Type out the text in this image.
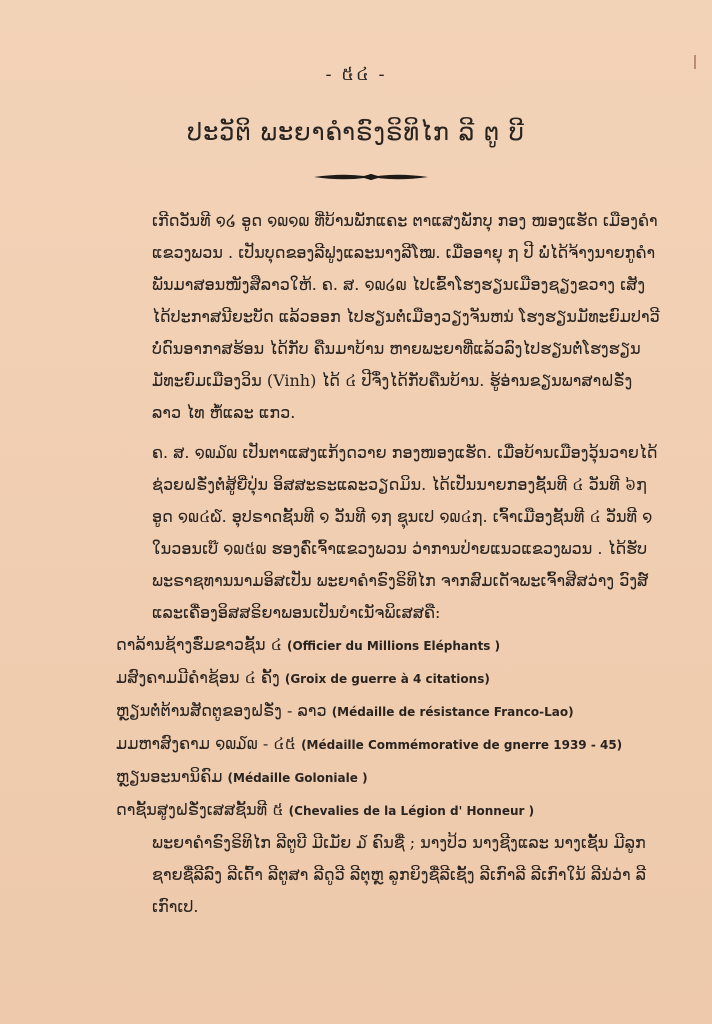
- ៥៤ -
ປະວັຕິ ພະຍາຄຳຣົງຣິທິໄກ ລີ ຕູ ບີ

ເກີດວັນທີ ໑໒ ອູດ ໑໙໑໙ ທີ່ບ້ານພັກແຄະ ຕາແສງພັກບຸ ກອງ ໜອງແຮັດ ເມືອງຄຳ ແຂວງພວນ . ເປັນບຸດຂອງລີຟູງແລະນາງລີໂໝ. ເມື່ອອາຍຸ ໗ ປີ ພໍ່ໄດ້ຈ້າງນາຍກູຄຳພັນມາສອນໜັງສືລາວໃຫ້. ຄ. ສ. ໑໙໒໙ ໄປເຂົ້າໂຮງຮຽນເມືອງຊຽງຂວາງ ເສັງໄດ້ປະກາສນີຍະບັດ ແລ້ວອອກ ໄປຮຽນຕໍ່ເມືອງວຽງຈັນຫນ່ ໂຮງຮຽນມັທະຍົມປາວີ ບໍ່ດົນອາກາສຮ້ອນ ໄດ້ກັບ ຄືນມາບ້ານ ຫາຍພະຍາທີ່ແລ້ວລົງໄປຮຽນຕໍ່ໂຮງຮຽນມັທະຍົມເມືອງວິນ (Vinh) ໄດ້ ៤ ປີຈຶ່ງໄດ້ກັບຄືນບ້ານ. ຮູ້ອ່ານຂຽນພາສາຝຣັ່ງ ລາວ ໄທ ຫໍ້ແລະ ແກວ.

ຄ. ສ. ໑໙໓໙ ເປັນຕາແສງແກ້ງດວາຍ ກອງໜອງແຮັດ. ເມື່ອບ້ານເມືອງວຸ້ນວາຍໄດ້ຊ່ວຍຝຣັ່ງຕໍ່ສູ້ຍີ່ປຸ່ນ ອິສສະຣະແລະວຽດມິນ. ໄດ້ເປັນນາຍກອງຊັ້ນທີ ៤ ວັນທີ ៦໗ ອູດ ໑໙៤໖. ອຸປຣາດຊັ້ນທີ ໑ ວັນທີ ໑໗ ຊຸນເປ ໑໙៤໗. ເຈົ້າເມືອງຊັ້ນທີ ៤ ວັນທີ ໑ ໃນວອນເບ໊ ໑໙៥໙ ຮອງຄົ່ເຈົ້າແຂວງພວນ ວ່າການປ່າຍແນວແຂວງພວນ . ໄດ້ຮັບ ພະຣາຊທານນາມອິສເປັນ ພະຍາຄຳຣົງຣິທິໄກ ຈາກສົມເດັຈພະເຈົ້າສີສວ່າງ ວົງສ໌ ແລະເຄື່ອງອິສສຣິຍາພອນເປັນບຳເນັຈພິເສສຄື:

ດາລ້ານຊ້າງຮົ່ມຂາວຊັ້ນ ៤ (Officier du Millions Eléphants )

ມສົງຄາມມີຄຳຊ້ອນ ៤ ຄັ້ງ (Groix de guerre à 4 citations)

ຫຼຽນຕໍ່ຕ້ານສັດຕູຂອງຝຣັ່ງ - ລາວ (Médaille de résistance Franco-Lao)

ມມຫາສົງຄາມ ໑໙໓໙ - ៤៥ (Médaille Commémorative de gnerre 1939 - 45)

ຫຼຽນອະນານິຄົມ (Médaille Goloniale )

ດາຊັ້ນສູງຝຣັ່ງເສສຊັ້ນທີ ៥ (Chevalies de la Légion d' Honneur )

ພະຍາຄຳຣົງຣິທິໄກ ລີຕູບີ ມີເມັຍ ໓ ຄົນຊື່ ; ນາງປ້ວ ນາງຊີງແລະ ນາງເຊັ້ນ ມີລູກຊາຍຊື່ລີລົງ ລີເດົ້າ ລີຕູສາ ລີດູວີ ລີຕຸຫຼ ລູກຍິງຊື່ລີເຊັ້ງ ລີເກົາລີ ລີເກົາໃນ້ ລີນ່ວ່າ ລີເກົາເປ.
